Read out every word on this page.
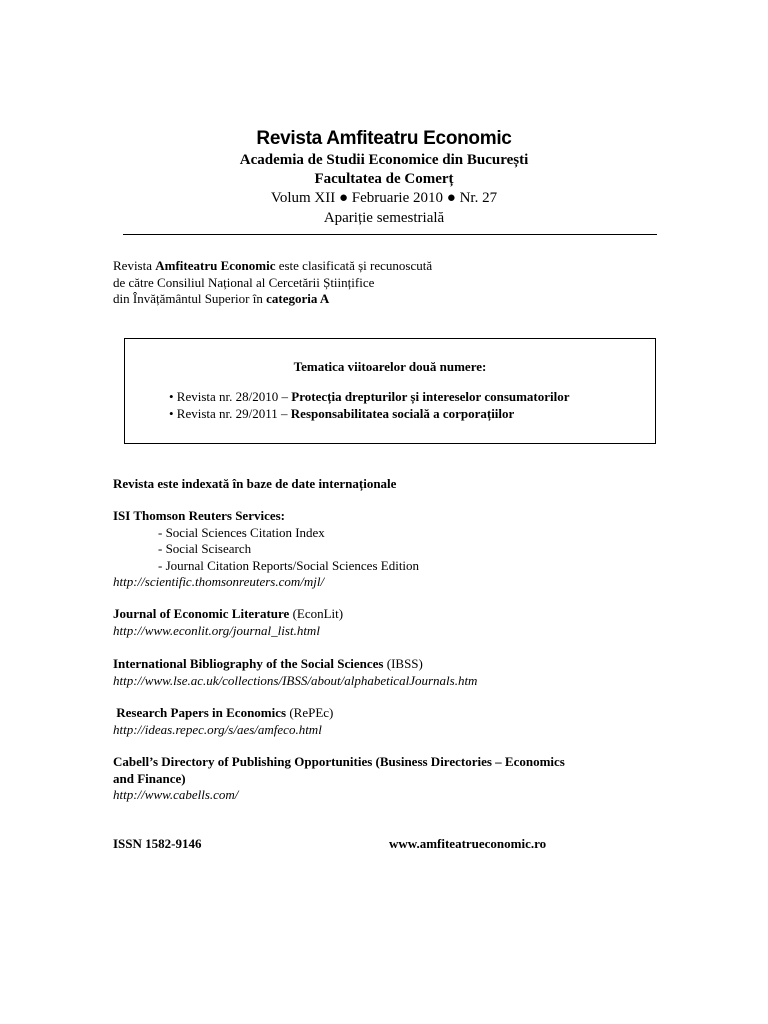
Revista Amfiteatru Economic
Academia de Studii Economice din București
Facultatea de Comerț
Volum XII ● Februarie 2010 ● Nr. 27
Apariție semestrială
Revista Amfiteatru Economic este clasificată și recunoscută
de către Consiliul Național al Cercetării Științifice
din Învățământul Superior în categoria A
Tematica viitoarelor două numere:
• Revista nr. 28/2010 – Protecția drepturilor și intereselor consumatorilor
• Revista nr. 29/2011 – Responsabilitatea socială a corporațiilor
Revista este indexată în baze de date internaționale
ISI Thomson Reuters Services:
- Social Sciences Citation Index
- Social Scisearch
- Journal Citation Reports/Social Sciences Edition
http://scientific.thomsonreuters.com/mjl/
Journal of Economic Literature (EconLit)
http://www.econlit.org/journal_list.html
International Bibliography of the Social Sciences (IBSS)
http://www.lse.ac.uk/collections/IBSS/about/alphabeticalJournals.htm
Research Papers in Economics (RePEc)
http://ideas.repec.org/s/aes/amfeco.html
Cabell’s Directory of Publishing Opportunities (Business Directories – Economics
and Finance)
http://www.cabells.com/
ISSN 1582-9146	www.amfiteatrueconomic.ro
